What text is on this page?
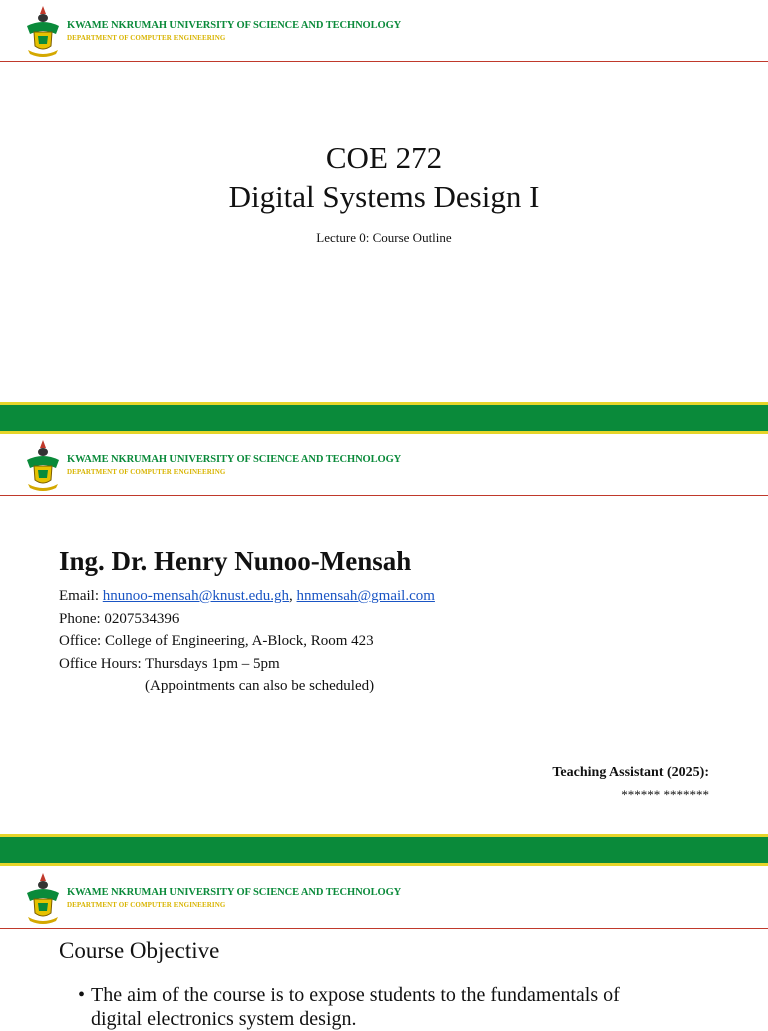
KWAME NKRUMAH UNIVERSITY OF SCIENCE AND TECHNOLOGY
DEPARTMENT OF COMPUTER ENGINEERING
COE 272
Digital Systems Design I
Lecture 0: Course Outline
KWAME NKRUMAH UNIVERSITY OF SCIENCE AND TECHNOLOGY
DEPARTMENT OF COMPUTER ENGINEERING
Ing. Dr. Henry Nunoo-Mensah
Email: hnunoo-mensah@knust.edu.gh, hnmensah@gmail.com
Phone: 0207534396
Office: College of Engineering, A-Block, Room 423
Office Hours: Thursdays 1pm – 5pm
(Appointments can also be scheduled)
Teaching Assistant (2025):
****** *******
KWAME NKRUMAH UNIVERSITY OF SCIENCE AND TECHNOLOGY
DEPARTMENT OF COMPUTER ENGINEERING
Course Objective
• The aim of the course is to expose students to the fundamentals of
digital electronics system design.
